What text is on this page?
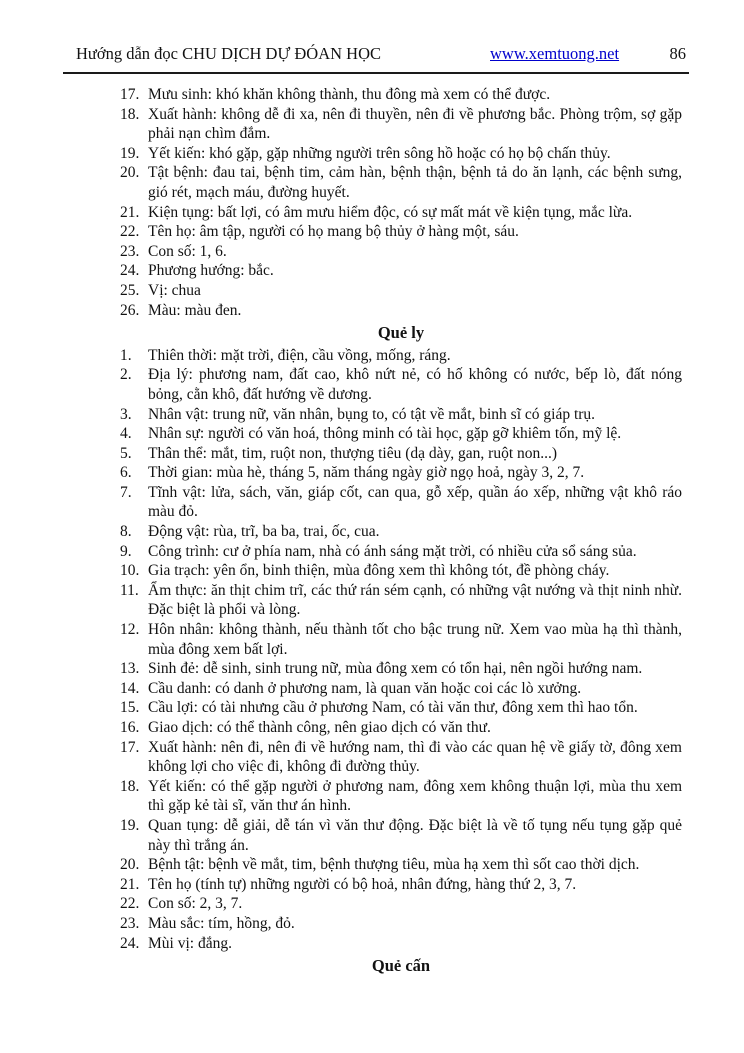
Hướng dẫn đọc CHU DỊCH DỰ ĐÓAN HỌC	www.xemtuong.net	86

17. Mưu sinh: khó khăn không thành, thu đông mà xem có thể được.

18. Xuất hành: không dễ đi xa, nên đi thuyền, nên đi về phương bắc. Phòng trộm, sợ gặp phải nạn chìm đắm.

19. Yết kiến: khó gặp, gặp những người trên sông hồ hoặc có họ bộ chấn thủy.

20. Tật bệnh: đau tai, bệnh tim, cảm hàn, bệnh thận, bệnh tả do ăn lạnh, các bệnh sưng, gió rét, mạch máu, đường huyết.

21. Kiện tụng: bất lợi, có âm mưu hiểm độc, có sự mất mát về kiện tụng, mắc lừa.

22. Tên họ: âm tập, người có họ mang bộ thủy ở hàng một, sáu.

23. Con số: 1, 6.

24. Phương hướng: bắc.

25. Vị: chua

26. Màu: màu đen.

Quẻ ly

1. Thiên thời: mặt trời, điện, cầu vồng, mống, ráng.

2. Địa lý: phương nam, đất cao, khô nứt nẻ, có hố không có nước, bếp lò, đất nóng bỏng, cằn khô, đất hướng về dương.

3. Nhân vật: trung nữ, văn nhân, bụng to, có tật về mắt, binh sĩ có giáp trụ.

4. Nhân sự: người có văn hoá, thông minh có tài học, gặp gỡ khiêm tốn, mỹ lệ.

5. Thân thể: mắt, tim, ruột non, thượng tiêu (dạ dày, gan, ruột non...)

6. Thời gian: mùa hè, tháng 5, năm tháng ngày giờ ngọ hoả, ngày 3, 2, 7.

7. Tĩnh vật: lửa, sách, văn, giáp cốt, can qua, gỗ xếp, quần áo xếp, những vật khô ráo màu đỏ.

8. Động vật: rùa, trĩ, ba ba, trai, ốc, cua.

9. Công trình: cư ở phía nam, nhà có ánh sáng mặt trời, có nhiều cửa sổ sáng sủa.

10. Gia trạch: yên ổn, binh thiện, mùa đông xem thì không tót, đề phòng cháy.

11. Ẩm thực: ăn thịt chim trĩ, các thứ rán sém cạnh, có những vật nướng và thịt ninh nhừ. Đặc biệt là phổi và lòng.

12. Hôn nhân: không thành, nếu thành tốt cho bậc trung nữ. Xem vao mùa hạ thì thành, mùa đông xem bất lợi.

13. Sinh đẻ: dễ sinh, sinh trung nữ, mùa đông xem có tổn hại, nên ngồi hướng nam.

14. Cầu danh: có danh ở phương nam, là quan văn hoặc coi các lò xưởng.

15. Cầu lợi: có tài nhưng cầu ở phương Nam, có tài văn thư, đông xem thì hao tổn.

16. Giao dịch: có thể thành công, nên giao dịch có văn thư.

17. Xuất hành: nên đi, nên đi về hướng nam, thì đi vào các quan hệ về giấy tờ, đông xem không lợi cho việc đi, không đi đường thủy.

18. Yết kiến: có thể gặp người ở phương nam, đông xem không thuận lợi, mùa thu xem thì gặp kẻ tài sĩ, văn thư án hình.

19. Quan tụng: dễ giải, dễ tán vì văn thư động. Đặc biệt là về tố tụng nếu tụng gặp quẻ này thì trắng án.

20. Bệnh tật: bệnh về mắt, tim, bệnh thượng tiêu, mùa hạ xem thì sốt cao thời dịch.

21. Tên họ (tính tự) những người có bộ hoả, nhân đứng, hàng thứ 2, 3, 7.

22. Con số: 2, 3, 7.

23. Màu sắc: tím, hồng, đỏ.

24. Mùi vị: đắng.

Quẻ cấn
